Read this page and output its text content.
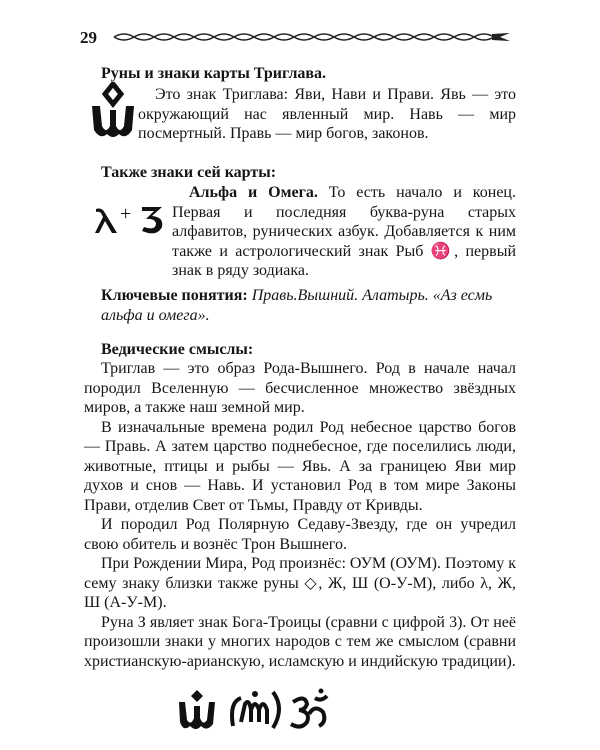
29
Руны и знаки карты Триглава.

Это знак Триглава: Яви, Нави и Прави. Явь — это окружающий нас явленный мир. Навь — мир посмертный. Правь — мир богов, законов.

Также знаки сей карты:
+

Альфа и Омега. То есть начало и конец. Первая и последняя буква-руна старых алфавитов, рунических азбук. Добавляется к ним также и астрологический знак Рыб ♓, первый знак в ряду зодиака.

Ключевые понятия: Правь.Вышний. Алатырь. «Аз есмь альфа и омега».

Ведические смыслы:

Триглав — это образ Рода-Вышнего. Род в начале начал породил Вселенную — бесчисленное множество звёздных миров, а также наш земной мир.

В изначальные времена родил Род небесное царство богов — Правь. А затем царство поднебесное, где поселились люди, животные, птицы и рыбы — Явь. А за границею Яви мир духов и снов — Навь. И установил Род в том мире Законы Прави, отделив Свет от Тьмы, Правду от Кривды.

И породил Род Полярную Седаву-Звезду, где он учредил свою обитель и вознёс Трон Вышнего.

При Рождении Мира, Род произнёс: ОУМ (ОУМ). Поэтому к сему знаку близки также руны ◇, Ж, Ш (О-У-М), либо λ, Ж, Ш (А-У-М).

Руна З являет знак Бога-Троицы (сравни с цифрой 3). От неё произошли знаки у многих народов с тем же смыслом (сравни христианскую-арианскую, исламскую и индийскую традиции).
